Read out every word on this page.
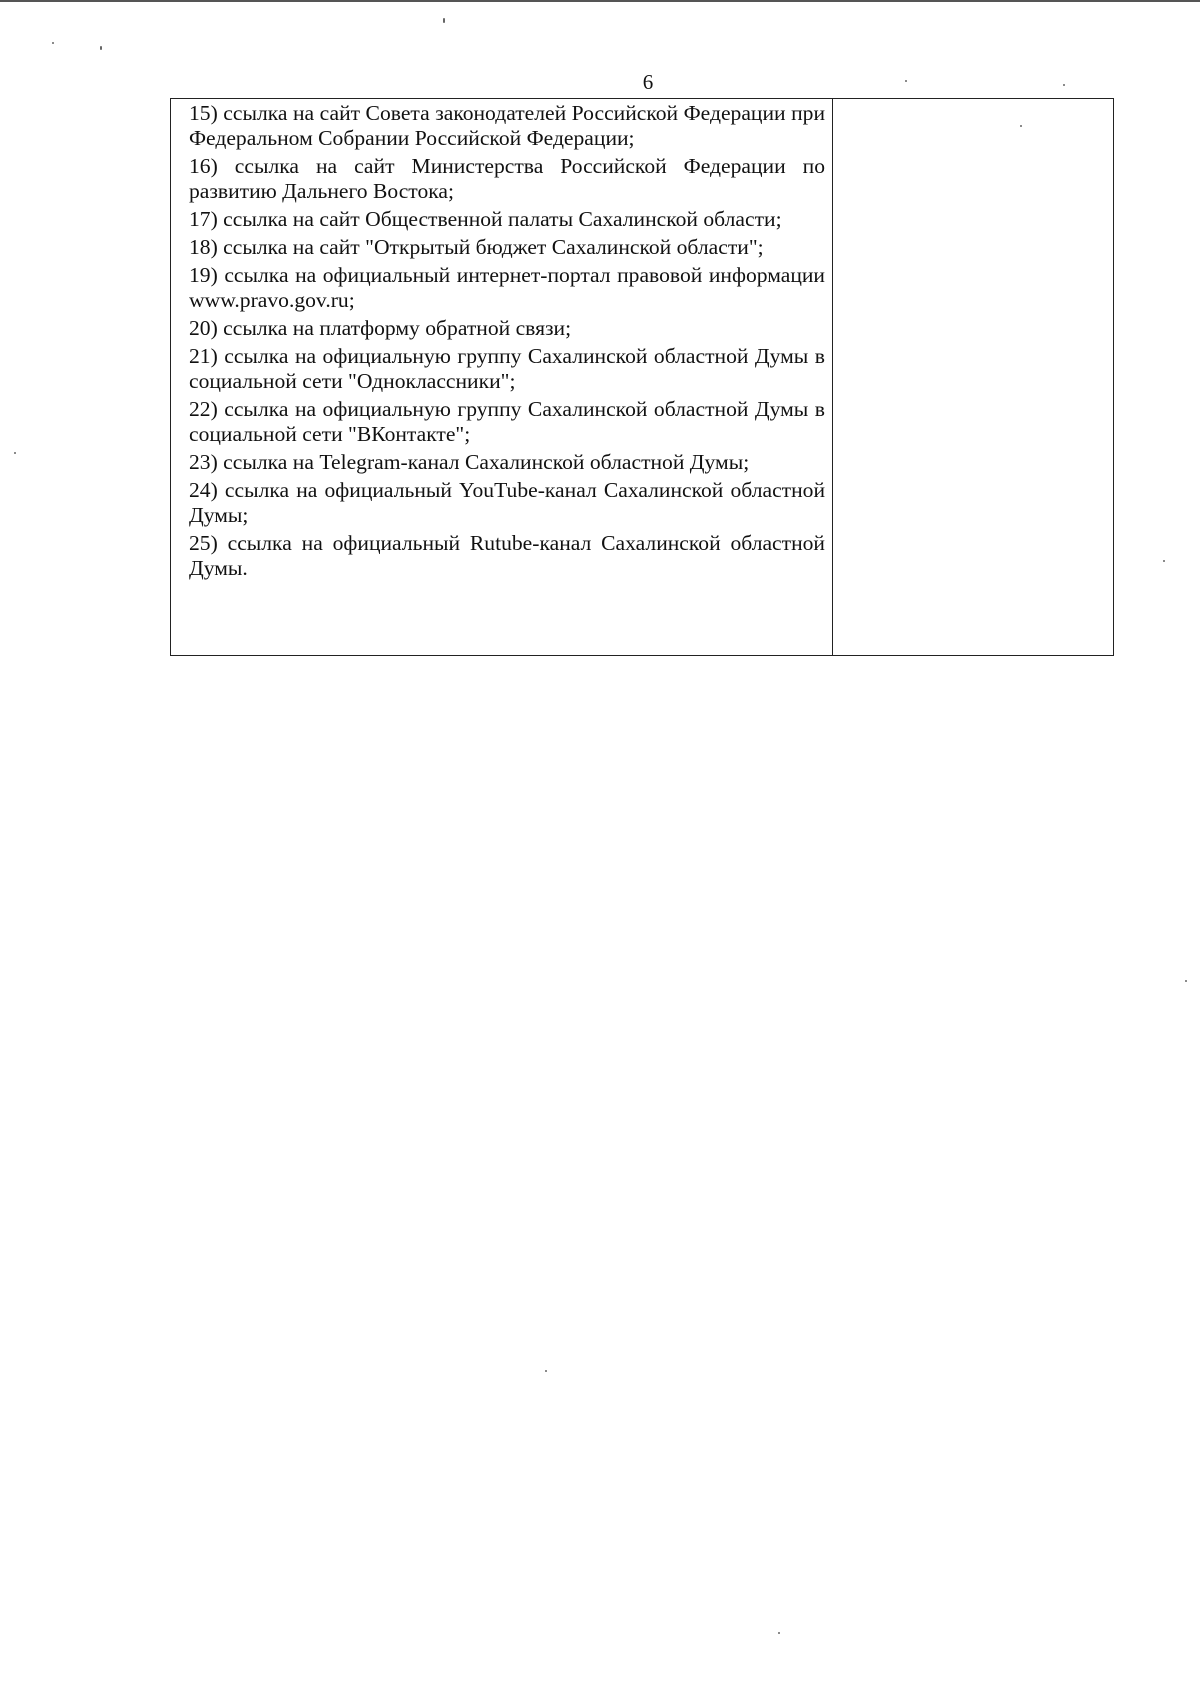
6

15) ссылка на сайт Совета законодателей Российской Федерации при Федеральном Собрании Российской Федерации;

16) ссылка на сайт Министерства Российской Федерации по развитию Дальнего Востока;

17) ссылка на сайт Общественной палаты Сахалинской области;

18) ссылка на сайт "Открытый бюджет Сахалинской области";

19) ссылка на официальный интернет-портал правовой информации www.pravo.gov.ru;

20) ссылка на платформу обратной связи;

21) ссылка на официальную группу Сахалинской областной Думы в социальной сети "Одноклассники";

22) ссылка на официальную группу Сахалинской областной Думы в социальной сети "ВКонтакте";

23) ссылка на Telegram-канал Сахалинской областной Думы;

24) ссылка на официальный YouTube-канал Сахалинской областной Думы;

25) ссылка на официальный Rutube-канал Сахалинской областной Думы.
